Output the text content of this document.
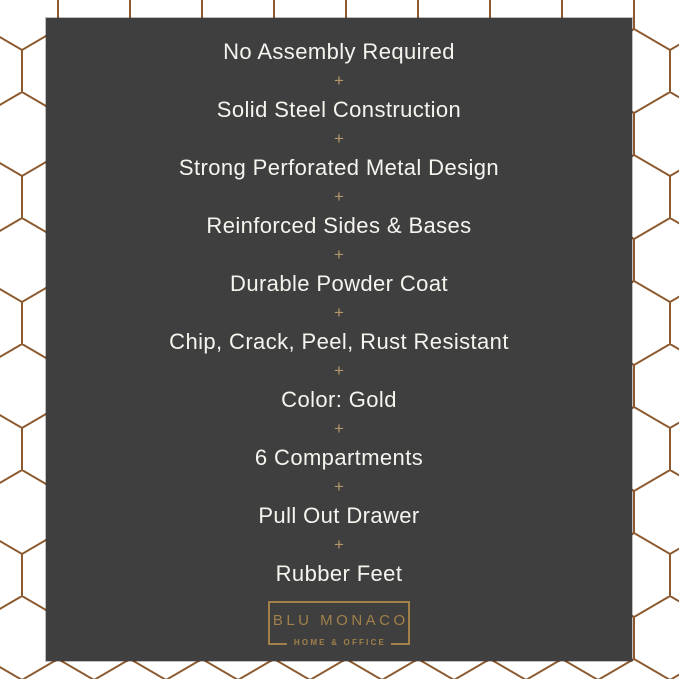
No Assembly Required
+
Solid Steel Construction
+
Strong Perforated Metal Design
+
Reinforced Sides & Bases
+
Durable Powder Coat
+
Chip, Crack, Peel, Rust Resistant
+
Color: Gold
+
6 Compartments
+
Pull Out Drawer
+
Rubber Feet
BLU MONACO
HOME & OFFICE
